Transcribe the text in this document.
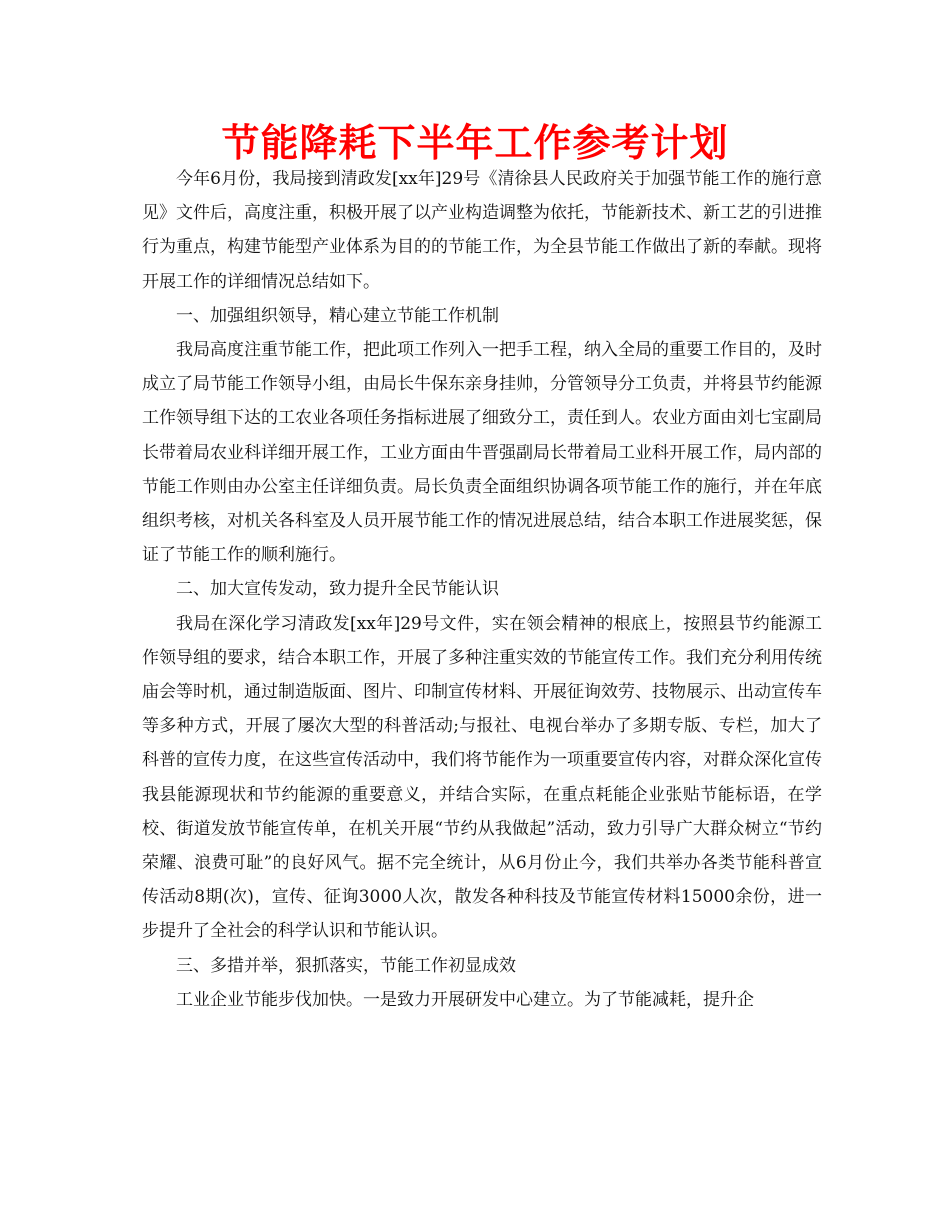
节能降耗下半年工作参考计划

今年6月份，我局接到清政发[xx年]29号《清徐县人民政府关于加强节能工作的施行意见》文件后，高度注重，积极开展了以产业构造调整为依托，节能新技术、新工艺的引进推行为重点，构建节能型产业体系为目的的节能工作，为全县节能工作做出了新的奉献。现将开展工作的详细情况总结如下。

一、加强组织领导，精心建立节能工作机制

我局高度注重节能工作，把此项工作列入一把手工程，纳入全局的重要工作目的，及时成立了局节能工作领导小组，由局长牛保东亲身挂帅，分管领导分工负责，并将县节约能源工作领导组下达的工农业各项任务指标进展了细致分工，责任到人。农业方面由刘七宝副局长带着局农业科详细开展工作，工业方面由牛晋强副局长带着局工业科开展工作，局内部的节能工作则由办公室主任详细负责。局长负责全面组织协调各项节能工作的施行，并在年底组织考核，对机关各科室及人员开展节能工作的情况进展总结，结合本职工作进展奖惩，保证了节能工作的顺利施行。

二、加大宣传发动，致力提升全民节能认识

我局在深化学习清政发[xx年]29号文件，实在领会精神的根底上，按照县节约能源工作领导组的要求，结合本职工作，开展了多种注重实效的节能宣传工作。我们充分利用传统庙会等时机，通过制造版面、图片、印制宣传材料、开展征询效劳、技物展示、出动宣传车等多种方式，开展了屡次大型的科普活动;与报社、电视台举办了多期专版、专栏，加大了科普的宣传力度，在这些宣传活动中，我们将节能作为一项重要宣传内容，对群众深化宣传我县能源现状和节约能源的重要意义，并结合实际，在重点耗能企业张贴节能标语，在学校、街道发放节能宣传单，在机关开展“节约从我做起”活动，致力引导广大群众树立“节约荣耀、浪费可耻”的良好风气。据不完全统计，从6月份止今，我们共举办各类节能科普宣传活动8期(次)，宣传、征询3000人次，散发各种科技及节能宣传材料15000余份，进一步提升了全社会的科学认识和节能认识。

三、多措并举，狠抓落实，节能工作初显成效

工业企业节能步伐加快。一是致力开展研发中心建立。为了节能减耗，提升企
